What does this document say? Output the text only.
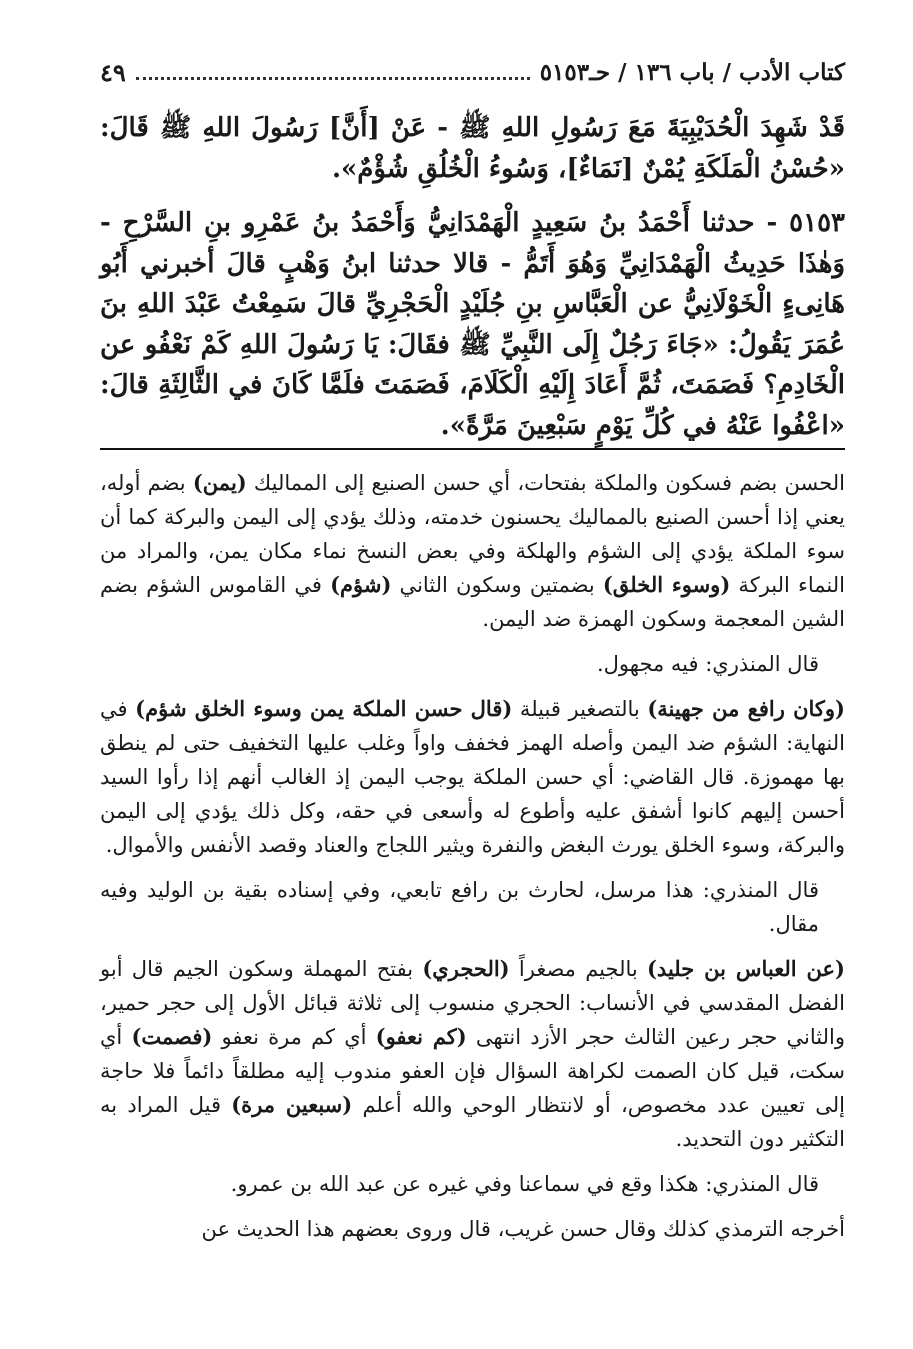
كتاب الأدب / باب ١٣٦ / حـ٥١٥٣
٤٩

قَدْ شَهِدَ الْحُدَيْبِيَةَ مَعَ رَسُولِ اللهِ ﷺ - عَنْ [أَنَّ] رَسُولَ اللهِ ﷺ قَالَ: «حُسْنُ الْمَلَكَةِ يُمْنٌ [نَمَاءٌ]، وَسُوءُ الْخُلُقِ شُؤْمٌ».

٥١٥٣ - حدثنا أَحْمَدُ بنُ سَعِيدٍ الْهَمْدَانِيُّ وَأَحْمَدُ بنُ عَمْرِو بنِ السَّرْحِ - وَهٰذَا حَدِيثُ الْهَمْدَانِيِّ وَهُوَ أَتَمُّ - قالا حدثنا ابنُ وَهْبٍ قالَ أخبرني أَبُو هَانِىءٍ الْخَوْلَانِيُّ عن الْعَبَّاسِ بنِ جُلَيْدٍ الْحَجْرِيِّ قالَ سَمِعْتُ عَبْدَ اللهِ بنَ عُمَرَ يَقُولُ: «جَاءَ رَجُلٌ إِلَى النَّبِيِّ ﷺ فقَالَ: يَا رَسُولَ اللهِ كَمْ نَعْفُو عن الْخَادِمِ؟ فَصَمَتَ، ثُمَّ أَعَادَ إِلَيْهِ الْكَلَامَ، فَصَمَتَ فلَمَّا كَانَ في الثَّالِثَةِ قالَ: «اعْفُوا عَنْهُ في كُلِّ يَوْمٍ سَبْعِينَ مَرَّةً».

الحسن بضم فسكون والملكة بفتحات، أي حسن الصنيع إلى المماليك (يمن) بضم أوله، يعني إذا أحسن الصنيع بالمماليك يحسنون خدمته، وذلك يؤدي إلى اليمن والبركة كما أن سوء الملكة يؤدي إلى الشؤم والهلكة وفي بعض النسخ نماء مكان يمن، والمراد من النماء البركة (وسوء الخلق) بضمتين وسكون الثاني (شؤم) في القاموس الشؤم بضم الشين المعجمة وسكون الهمزة ضد اليمن.

قال المنذري: فيه مجهول.

(وكان رافع من جهينة) بالتصغير قبيلة (قال حسن الملكة يمن وسوء الخلق شؤم) في النهاية: الشؤم ضد اليمن وأصله الهمز فخفف واواً وغلب عليها التخفيف حتى لم ينطق بها مهموزة. قال القاضي: أي حسن الملكة يوجب اليمن إذ الغالب أنهم إذا رأوا السيد أحسن إليهم كانوا أشفق عليه وأطوع له وأسعى في حقه، وكل ذلك يؤدي إلى اليمن والبركة، وسوء الخلق يورث البغض والنفرة ويثير اللجاج والعناد وقصد الأنفس والأموال.

قال المنذري: هذا مرسل، لحارث بن رافع تابعي، وفي إسناده بقية بن الوليد وفيه مقال.

(عن العباس بن جليد) بالجيم مصغراً (الحجري) بفتح المهملة وسكون الجيم قال أبو الفضل المقدسي في الأنساب: الحجري منسوب إلى ثلاثة قبائل الأول إلى حجر حمير، والثاني حجر رعين الثالث حجر الأزد انتهى (كم نعفو) أي كم مرة نعفو (فصمت) أي سكت، قيل كان الصمت لكراهة السؤال فإن العفو مندوب إليه مطلقاً دائماً فلا حاجة إلى تعيين عدد مخصوص، أو لانتظار الوحي والله أعلم (سبعين مرة) قيل المراد به التكثير دون التحديد.

قال المنذري: هكذا وقع في سماعنا وفي غيره عن عبد الله بن عمرو.

أخرجه الترمذي كذلك وقال حسن غريب، قال وروى بعضهم هذا الحديث عن
